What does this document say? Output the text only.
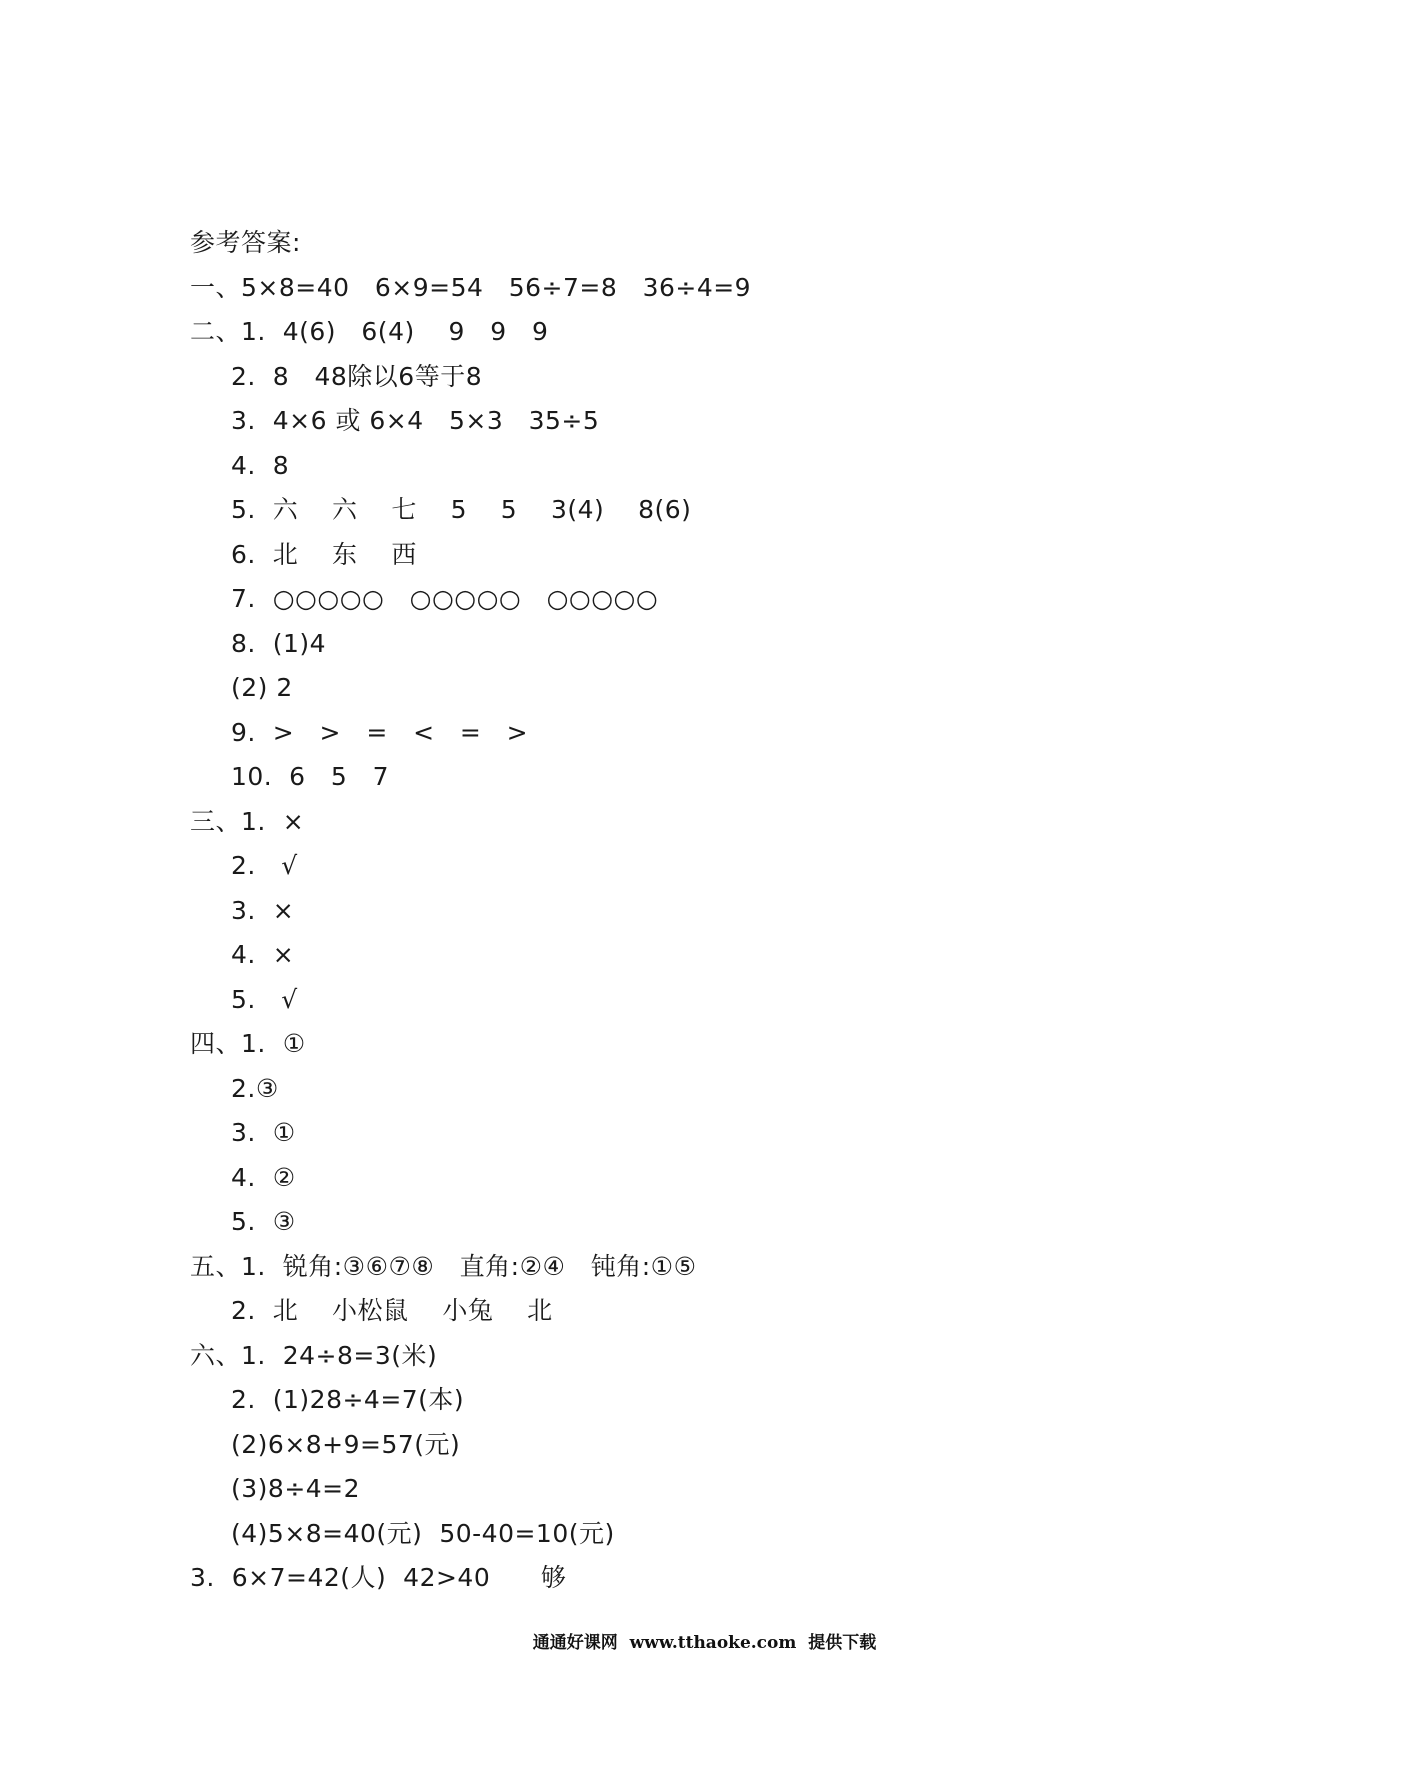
参考答案:
一、5×8=40   6×9=54   56÷7=8   36÷4=9
二、1.  4(6)   6(4)    9   9   9
2.  8   48除以6等于8
3.  4×6 或 6×4   5×3   35÷5
4.  8
5.  六    六    七    5    5    3(4)    8(6)
6.  北    东    西
7.  ○○○○○   ○○○○○   ○○○○○
8.  (1)4
(2) 2
9.  >   >   =   <   =   >
10.  6   5   7
三、1.  ×
2.   √
3.  ×
4.  ×
5.   √
四、1.  ①
2.③
3.  ①
4.  ②
5.  ③
五、1.  锐角:③⑥⑦⑧   直角:②④   钝角:①⑤
2.  北    小松鼠    小兔    北
六、1.  24÷8=3(米)
2.  (1)28÷4=7(本)
(2)6×8+9=57(元)
(3)8÷4=2
(4)5×8=40(元)  50-40=10(元)
3.  6×7=42(人)  42>40      够
通通好课网  www.tthaoke.com  提供下载
